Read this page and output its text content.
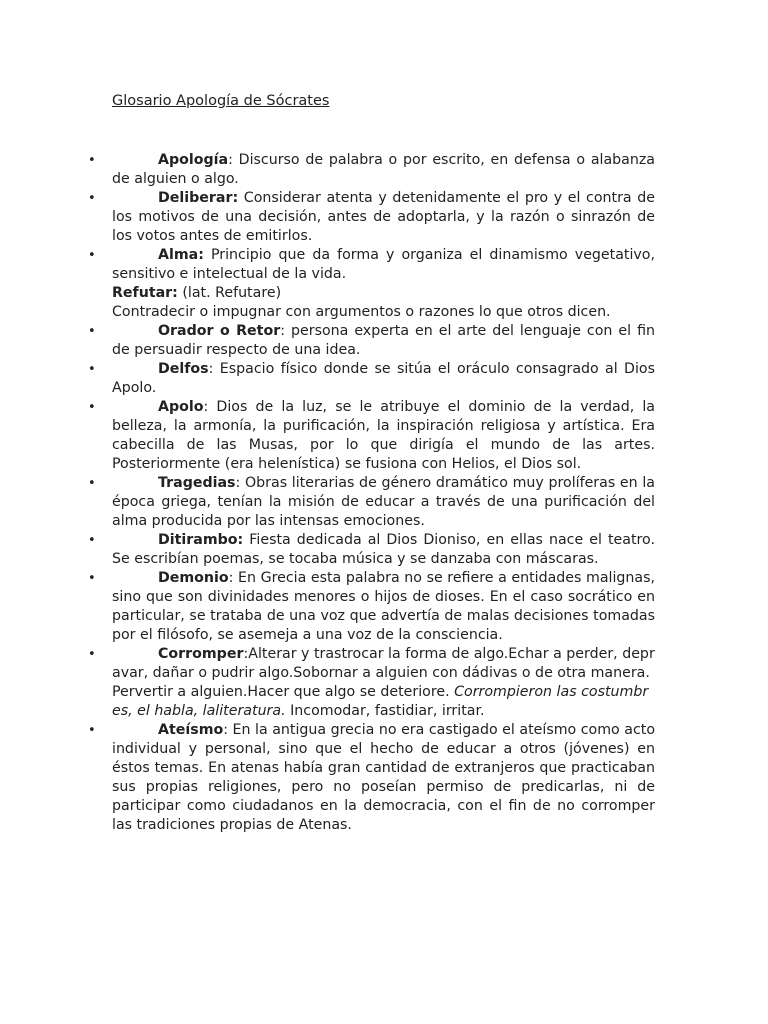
Glosario Apología de Sócrates
•	Apología: Discurso de palabra o por escrito, en defensa o alabanza de alguien o algo.
•	Deliberar: Considerar atenta y detenidamente el pro y el contra de los motivos de una decisión, antes de adoptarla, y la razón o sinrazón de los votos antes de emitirlos.
•	Alma: Principio que da forma y organiza el dinamismo vegetativo, sensitivo e intelectual de la vida.
Refutar: (lat. Refutare)
Contradecir o impugnar con argumentos o razones lo que otros dicen.
•	Orador o Retor: persona experta en el arte del lenguaje con el fin de persuadir respecto de una idea.
•	Delfos: Espacio físico donde se sitúa el oráculo consagrado al Dios Apolo.
•	Apolo: Dios de la luz, se le atribuye el dominio de la verdad, la belleza, la armonía, la purificación, la inspiración religiosa y artística. Era cabecilla de las Musas, por lo que dirigía el mundo de las artes. Posteriormente (era helenística) se fusiona con Helios, el Dios sol.
•	Tragedias: Obras literarias de género dramático muy prolíferas en la época griega, tenían la misión de educar a través de una purificación del alma producida por las intensas emociones.
•	Ditirambo: Fiesta dedicada al Dios Dioniso, en ellas nace el teatro. Se escribían poemas, se tocaba música y se danzaba con máscaras.
•	Demonio: En Grecia esta palabra no se refiere a entidades malignas, sino que son divinidades menores o hijos de dioses. En el caso socrático en particular, se trataba de una voz que advertía de malas decisiones tomadas por el filósofo, se asemeja a una voz de la consciencia.
•	Corromper:Alterar y trastrocar la forma de algo.Echar a perder, depravar, dañar o pudrir algo.Sobornar a alguien con dádivas o de otra manera.Pervertir a alguien.Hacer que algo se deteriore. Corrompieron las costumbres, el habla, laliteratura. Incomodar, fastidiar, irritar.
•	Ateísmo: En la antigua grecia no era castigado el ateísmo como acto individual y personal, sino que el hecho de educar a otros (jóvenes) en éstos temas. En atenas había gran cantidad de extranjeros que practicaban sus propias religiones, pero no poseían permiso de predicarlas, ni de participar como ciudadanos en la democracia, con el fin de no corromper las tradiciones propias de Atenas.
